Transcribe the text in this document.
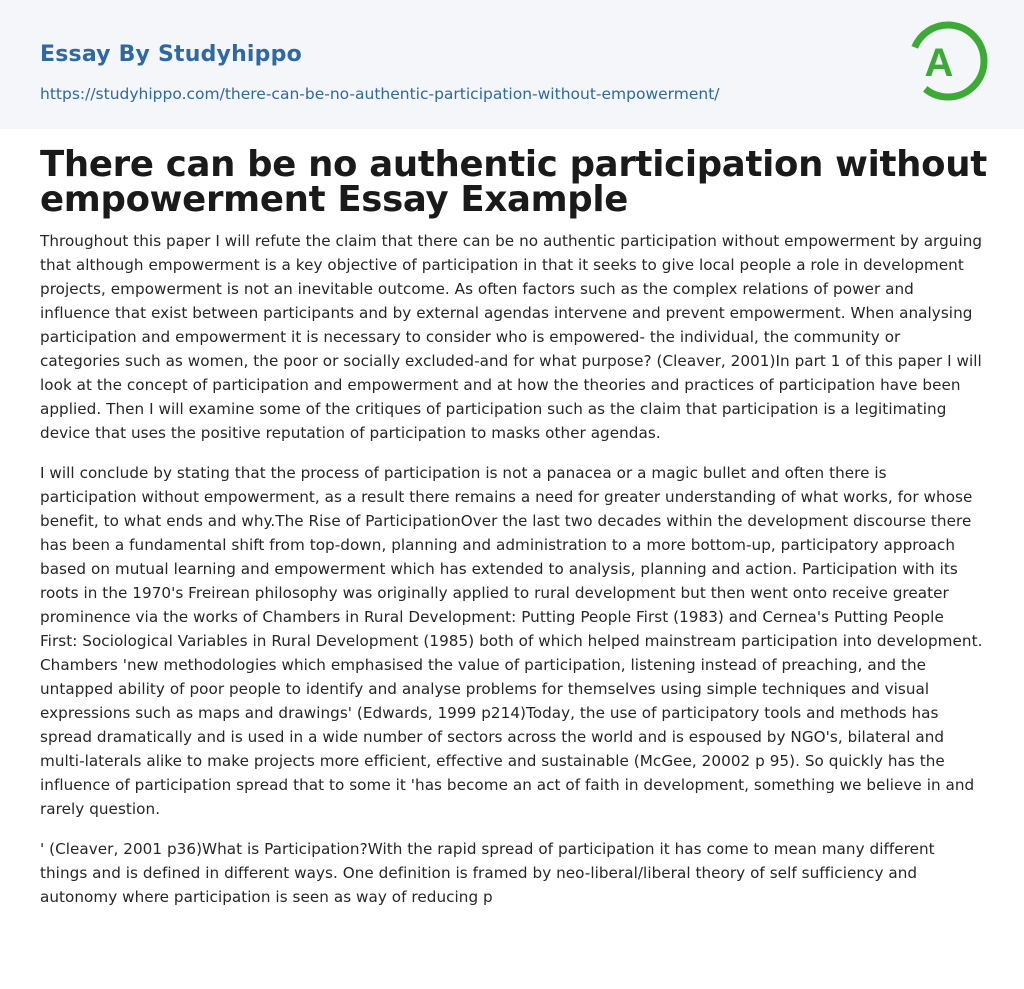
Essay By Studyhippo
https://studyhippo.com/there-can-be-no-authentic-participation-without-empowerment/
A
There can be no authentic participation without empowerment Essay Example

Throughout this paper I will refute the claim that there can be no authentic participation without empowerment by arguing that although empowerment is a key objective of participation in that it seeks to give local people a role in development projects, empowerment is not an inevitable outcome. As often factors such as the complex relations of power and influence that exist between participants and by external agendas intervene and prevent empowerment. When analysing participation and empowerment it is necessary to consider who is empowered- the individual, the community or categories such as women, the poor or socially excluded-and for what purpose? (Cleaver, 2001)In part 1 of this paper I will look at the concept of participation and empowerment and at how the theories and practices of participation have been applied. Then I will examine some of the critiques of participation such as the claim that participation is a legitimating device that uses the positive reputation of participation to masks other agendas.

I will conclude by stating that the process of participation is not a panacea or a magic bullet and often there is participation without empowerment, as a result there remains a need for greater understanding of what works, for whose benefit, to what ends and why.The Rise of ParticipationOver the last two decades within the development discourse there has been a fundamental shift from top-down, planning and administration to a more bottom-up, participatory approach based on mutual learning and empowerment which has extended to analysis, planning and action. Participation with its roots in the 1970's Freirean philosophy was originally applied to rural development but then went onto receive greater prominence via the works of Chambers in Rural Development: Putting People First (1983) and Cernea's Putting People First: Sociological Variables in Rural Development (1985) both of which helped mainstream participation into development. Chambers 'new methodologies which emphasised the value of participation, listening instead of preaching, and the untapped ability of poor people to identify and analyse problems for themselves using simple techniques and visual expressions such as maps and drawings' (Edwards, 1999 p214)Today, the use of participatory tools and methods has spread dramatically and is used in a wide number of sectors across the world and is espoused by NGO's, bilateral and multi-laterals alike to make projects more efficient, effective and sustainable (McGee, 20002 p 95). So quickly has the influence of participation spread that to some it 'has become an act of faith in development, something we believe in and rarely question.

' (Cleaver, 2001 p36)What is Participation?With the rapid spread of participation it has come to mean many different things and is defined in different ways. One definition is framed by neo-liberal/liberal theory of self sufficiency and autonomy where participation is seen as way of reducing p
